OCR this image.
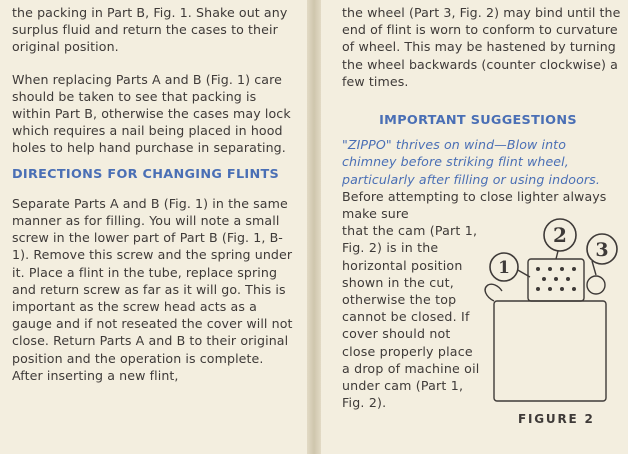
the packing in Part B, Fig. 1. Shake out any surplus fluid and return the cases to their original position.

When replacing Parts A and B (Fig. 1) care should be taken to see that packing is within Part B, otherwise the cases may lock which requires a nail being placed in hood holes to help hand purchase in separating.

DIRECTIONS FOR CHANGING FLINTS

Separate Parts A and B (Fig. 1) in the same manner as for filling. You will note a small screw in the lower part of Part B (Fig. 1, B-1). Remove this screw and the spring under it. Place a flint in the tube, replace spring and return screw as far as it will go. This is important as the screw head acts as a gauge and if not reseated the cover will not close. Return Parts A and B to their original position and the operation is complete. After inserting a new flint,

the wheel (Part 3, Fig. 2) may bind until the end of flint is worn to conform to curvature of wheel. This may be hastened by turning the wheel backwards (counter clockwise) a few times.

IMPORTANT SUGGESTIONS

"ZIPPO" thrives on wind—Blow into chimney before striking flint wheel, particularly after filling or using indoors. Before attempting to close lighter always make sure

that the cam (Part 1, Fig. 2) is in the horizontal position shown in the cut, otherwise the top cannot be closed. If cover should not close properly place a drop of machine oil under cam (Part 1, Fig. 2).

1
2
3
FIGURE 2
